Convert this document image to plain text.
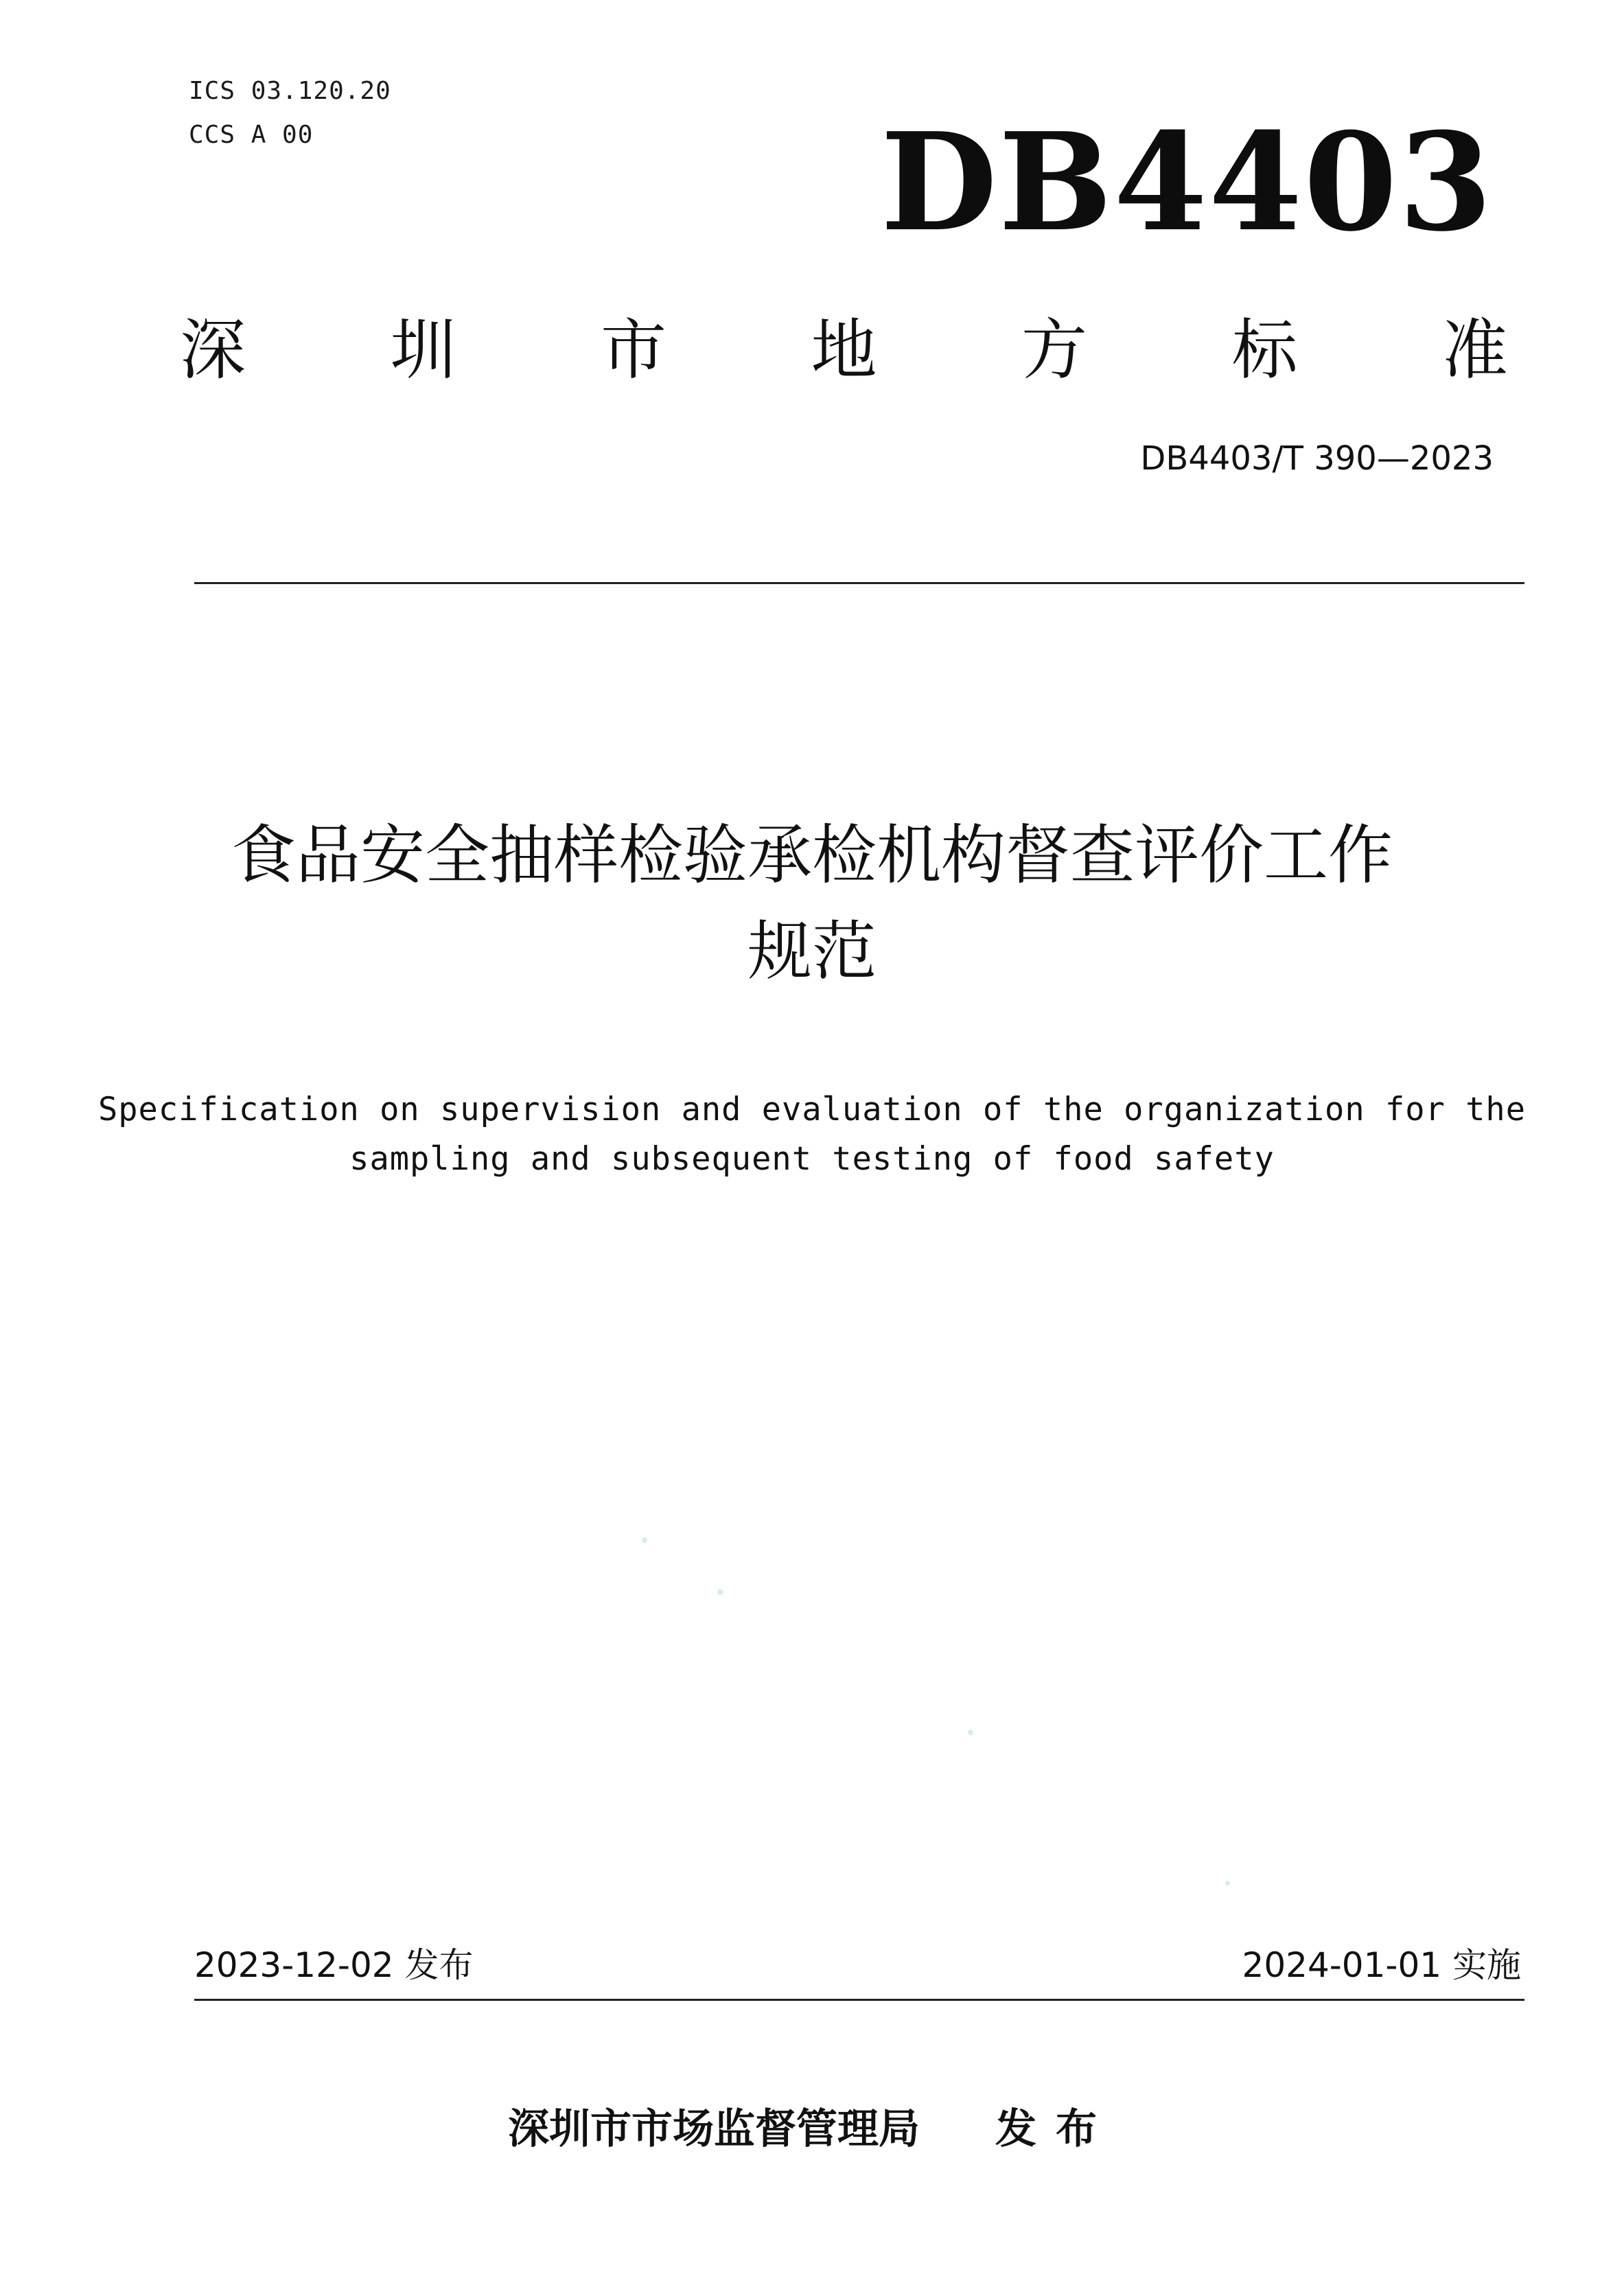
ICS 03.120.20
CCS A 00	DB4403
深 圳 市 地 方 标 准
DB4403/T 390—2023
食品安全抽样检验承检机构督查评价工作
规范
Specification on supervision and evaluation of the organization for the
sampling and subsequent testing of food safety
2023-12-02 发布	2024-01-01 实施
深圳市市场监督管理局 发布
